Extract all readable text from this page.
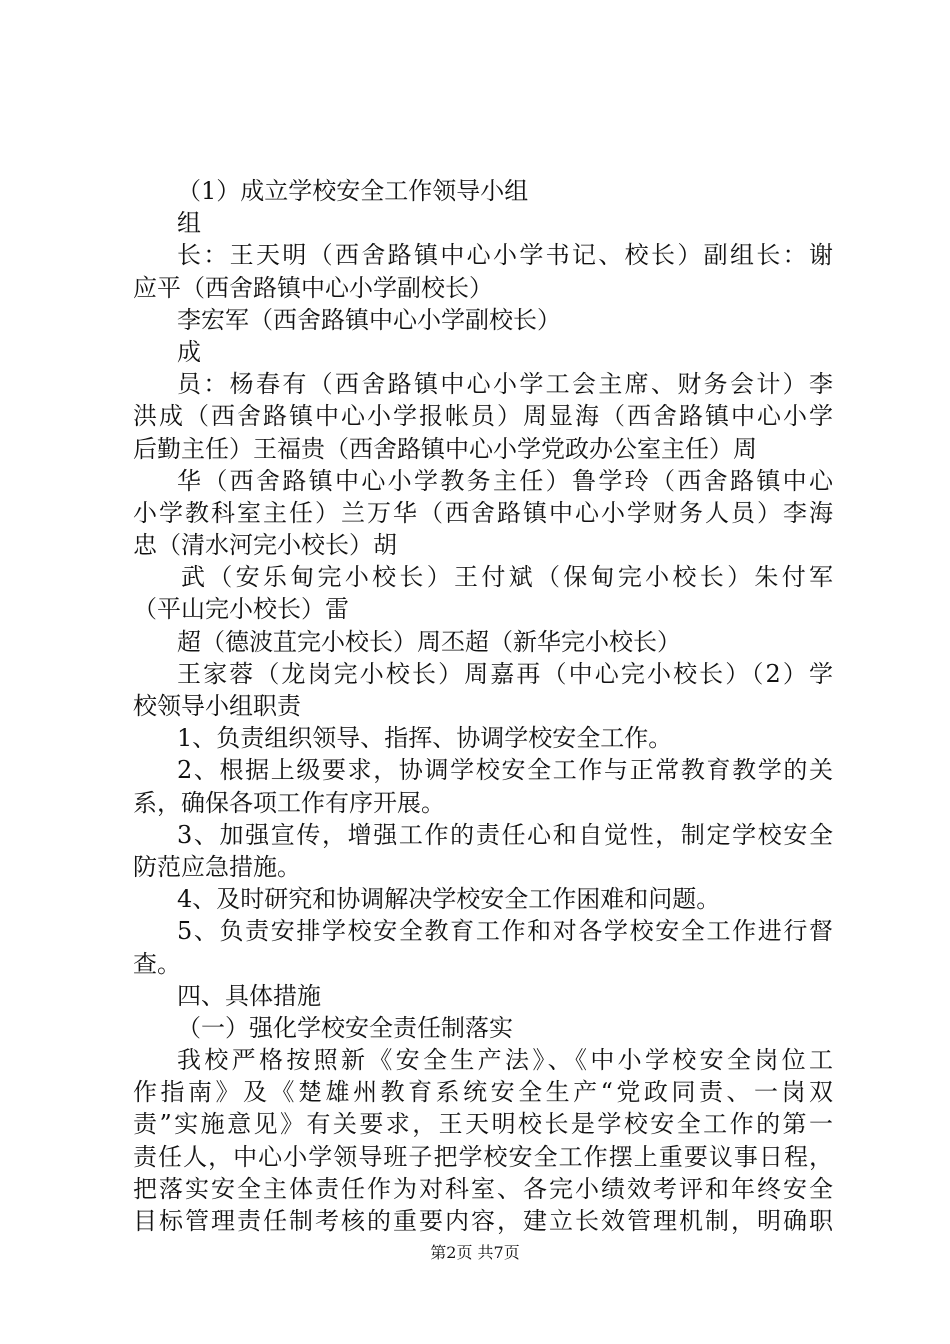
（1）成立学校安全工作领导小组
组
长：王天明（西舍路镇中心小学书记、校长）副组长：谢
应平（西舍路镇中心小学副校长）
李宏军（西舍路镇中心小学副校长）
成
员：杨春有（西舍路镇中心小学工会主席、财务会计）李
洪成（西舍路镇中心小学报帐员）周显海（西舍路镇中心小学
后勤主任）王福贵（西舍路镇中心小学党政办公室主任）周
华（西舍路镇中心小学教务主任）鲁学玲（西舍路镇中心
小学教科室主任）兰万华（西舍路镇中心小学财务人员）李海
忠（清水河完小校长）胡
武（安乐甸完小校长）王付斌（保甸完小校长）朱付军
（平山完小校长）雷
超（德波苴完小校长）周丕超（新华完小校长）
王家蓉（龙岗完小校长）周嘉再（中心完小校长）（2）学
校领导小组职责
1、负责组织领导、指挥、协调学校安全工作。
2、根据上级要求，协调学校安全工作与正常教育教学的关
系，确保各项工作有序开展。
3、加强宣传，增强工作的责任心和自觉性，制定学校安全
防范应急措施。
4、及时研究和协调解决学校安全工作困难和问题。
5、负责安排学校安全教育工作和对各学校安全工作进行督
查。
四、具体措施
（一）强化学校安全责任制落实
我校严格按照新《安全生产法》、《中小学校安全岗位工
作指南》及《楚雄州教育系统安全生产“党政同责、一岗双
责”实施意见》有关要求，王天明校长是学校安全工作的第一
责任人，中心小学领导班子把学校安全工作摆上重要议事日程，
把落实安全主体责任作为对科室、各完小绩效考评和年终安全
目标管理责任制考核的重要内容，建立长效管理机制，明确职
第2页 共7页
